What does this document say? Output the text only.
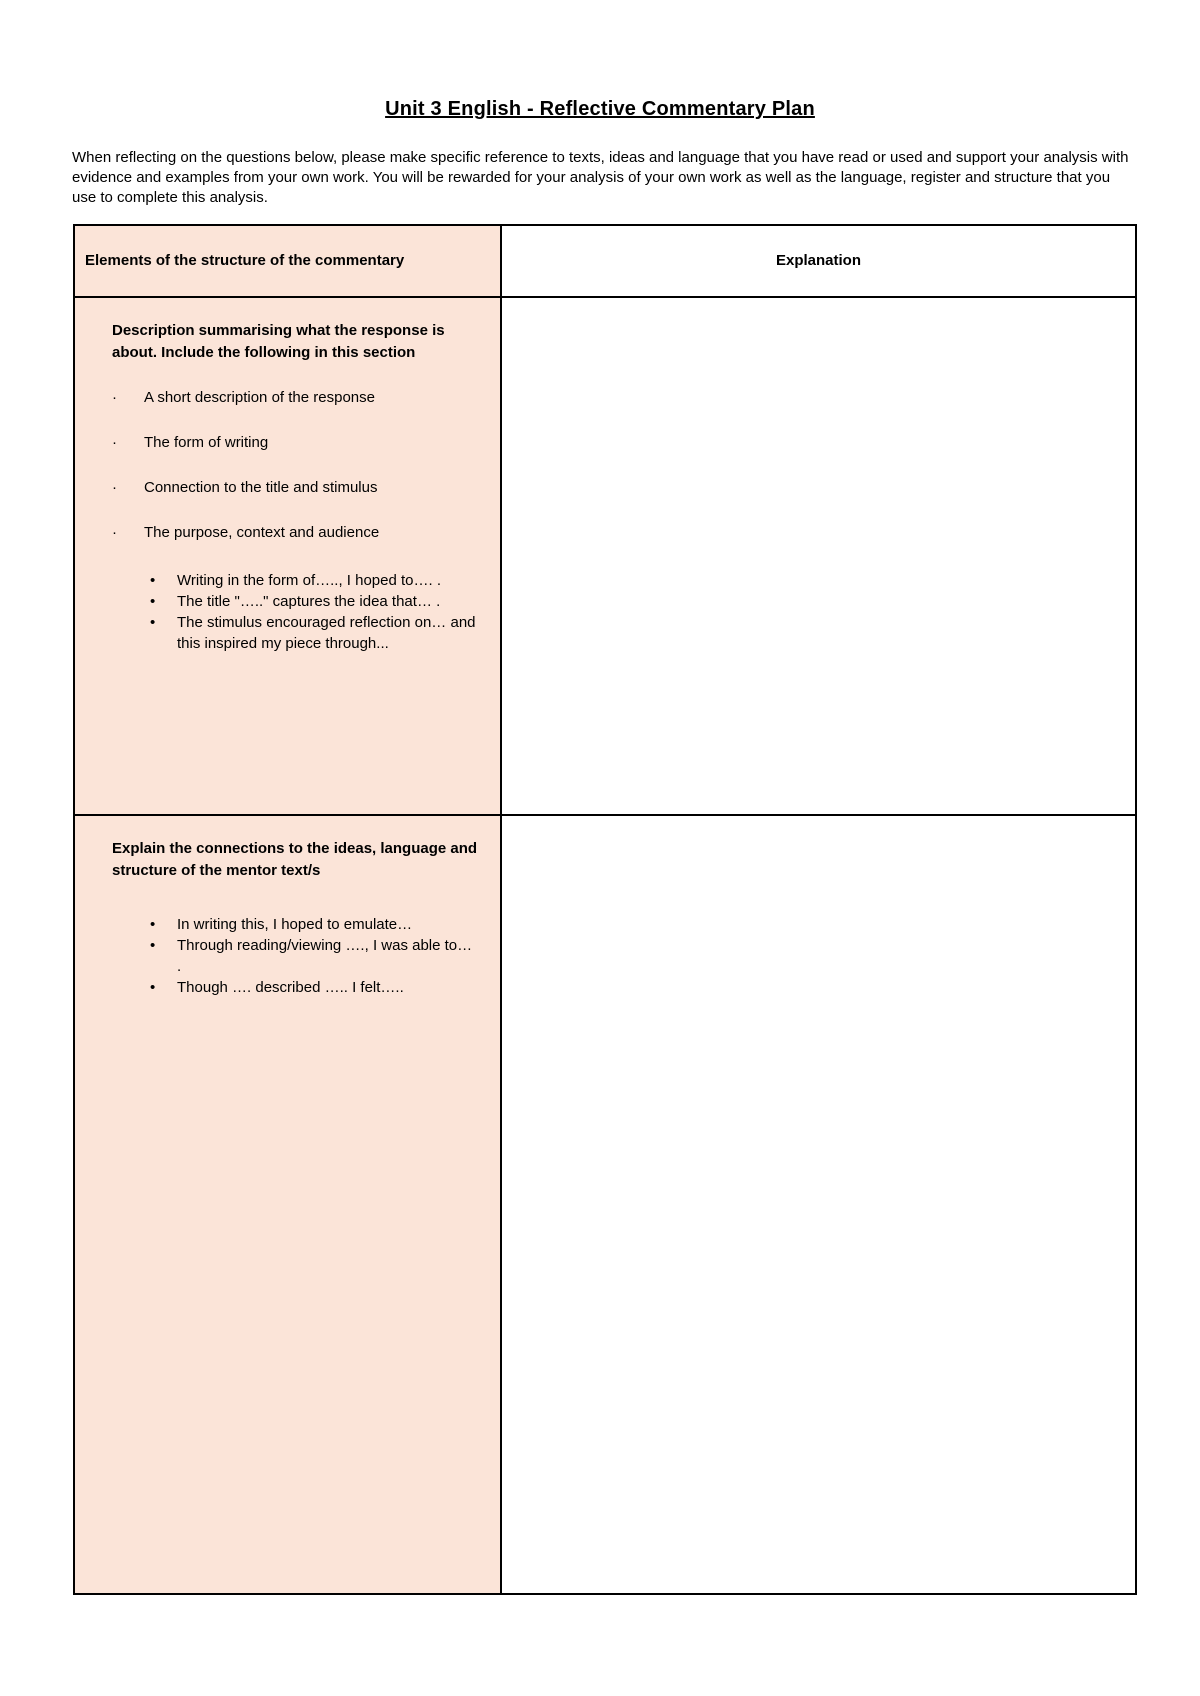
Unit 3 English - Reflective Commentary Plan

When reflecting on the questions below, please make specific reference to texts, ideas and language that you have read or used and support your analysis with evidence and examples from your own work. You will be rewarded for your analysis of your own work as well as the language, register and structure that you use to complete this analysis.

Elements of the structure of the commentary	Explanation

Description summarising what the response is about. Include the following in this section

· A short description of the response
· The form of writing
· Connection to the title and stimulus
· The purpose, context and audience
• Writing in the form of….., I hoped to…. .
• The title "….." captures the idea that… .
• The stimulus encouraged reflection on… and this inspired my piece through...

Explain the connections to the ideas, language and structure of the mentor text/s

• In writing this, I hoped to emulate…
• Through reading/viewing …., I was able to… .
• Though …. described ….. I felt…..
